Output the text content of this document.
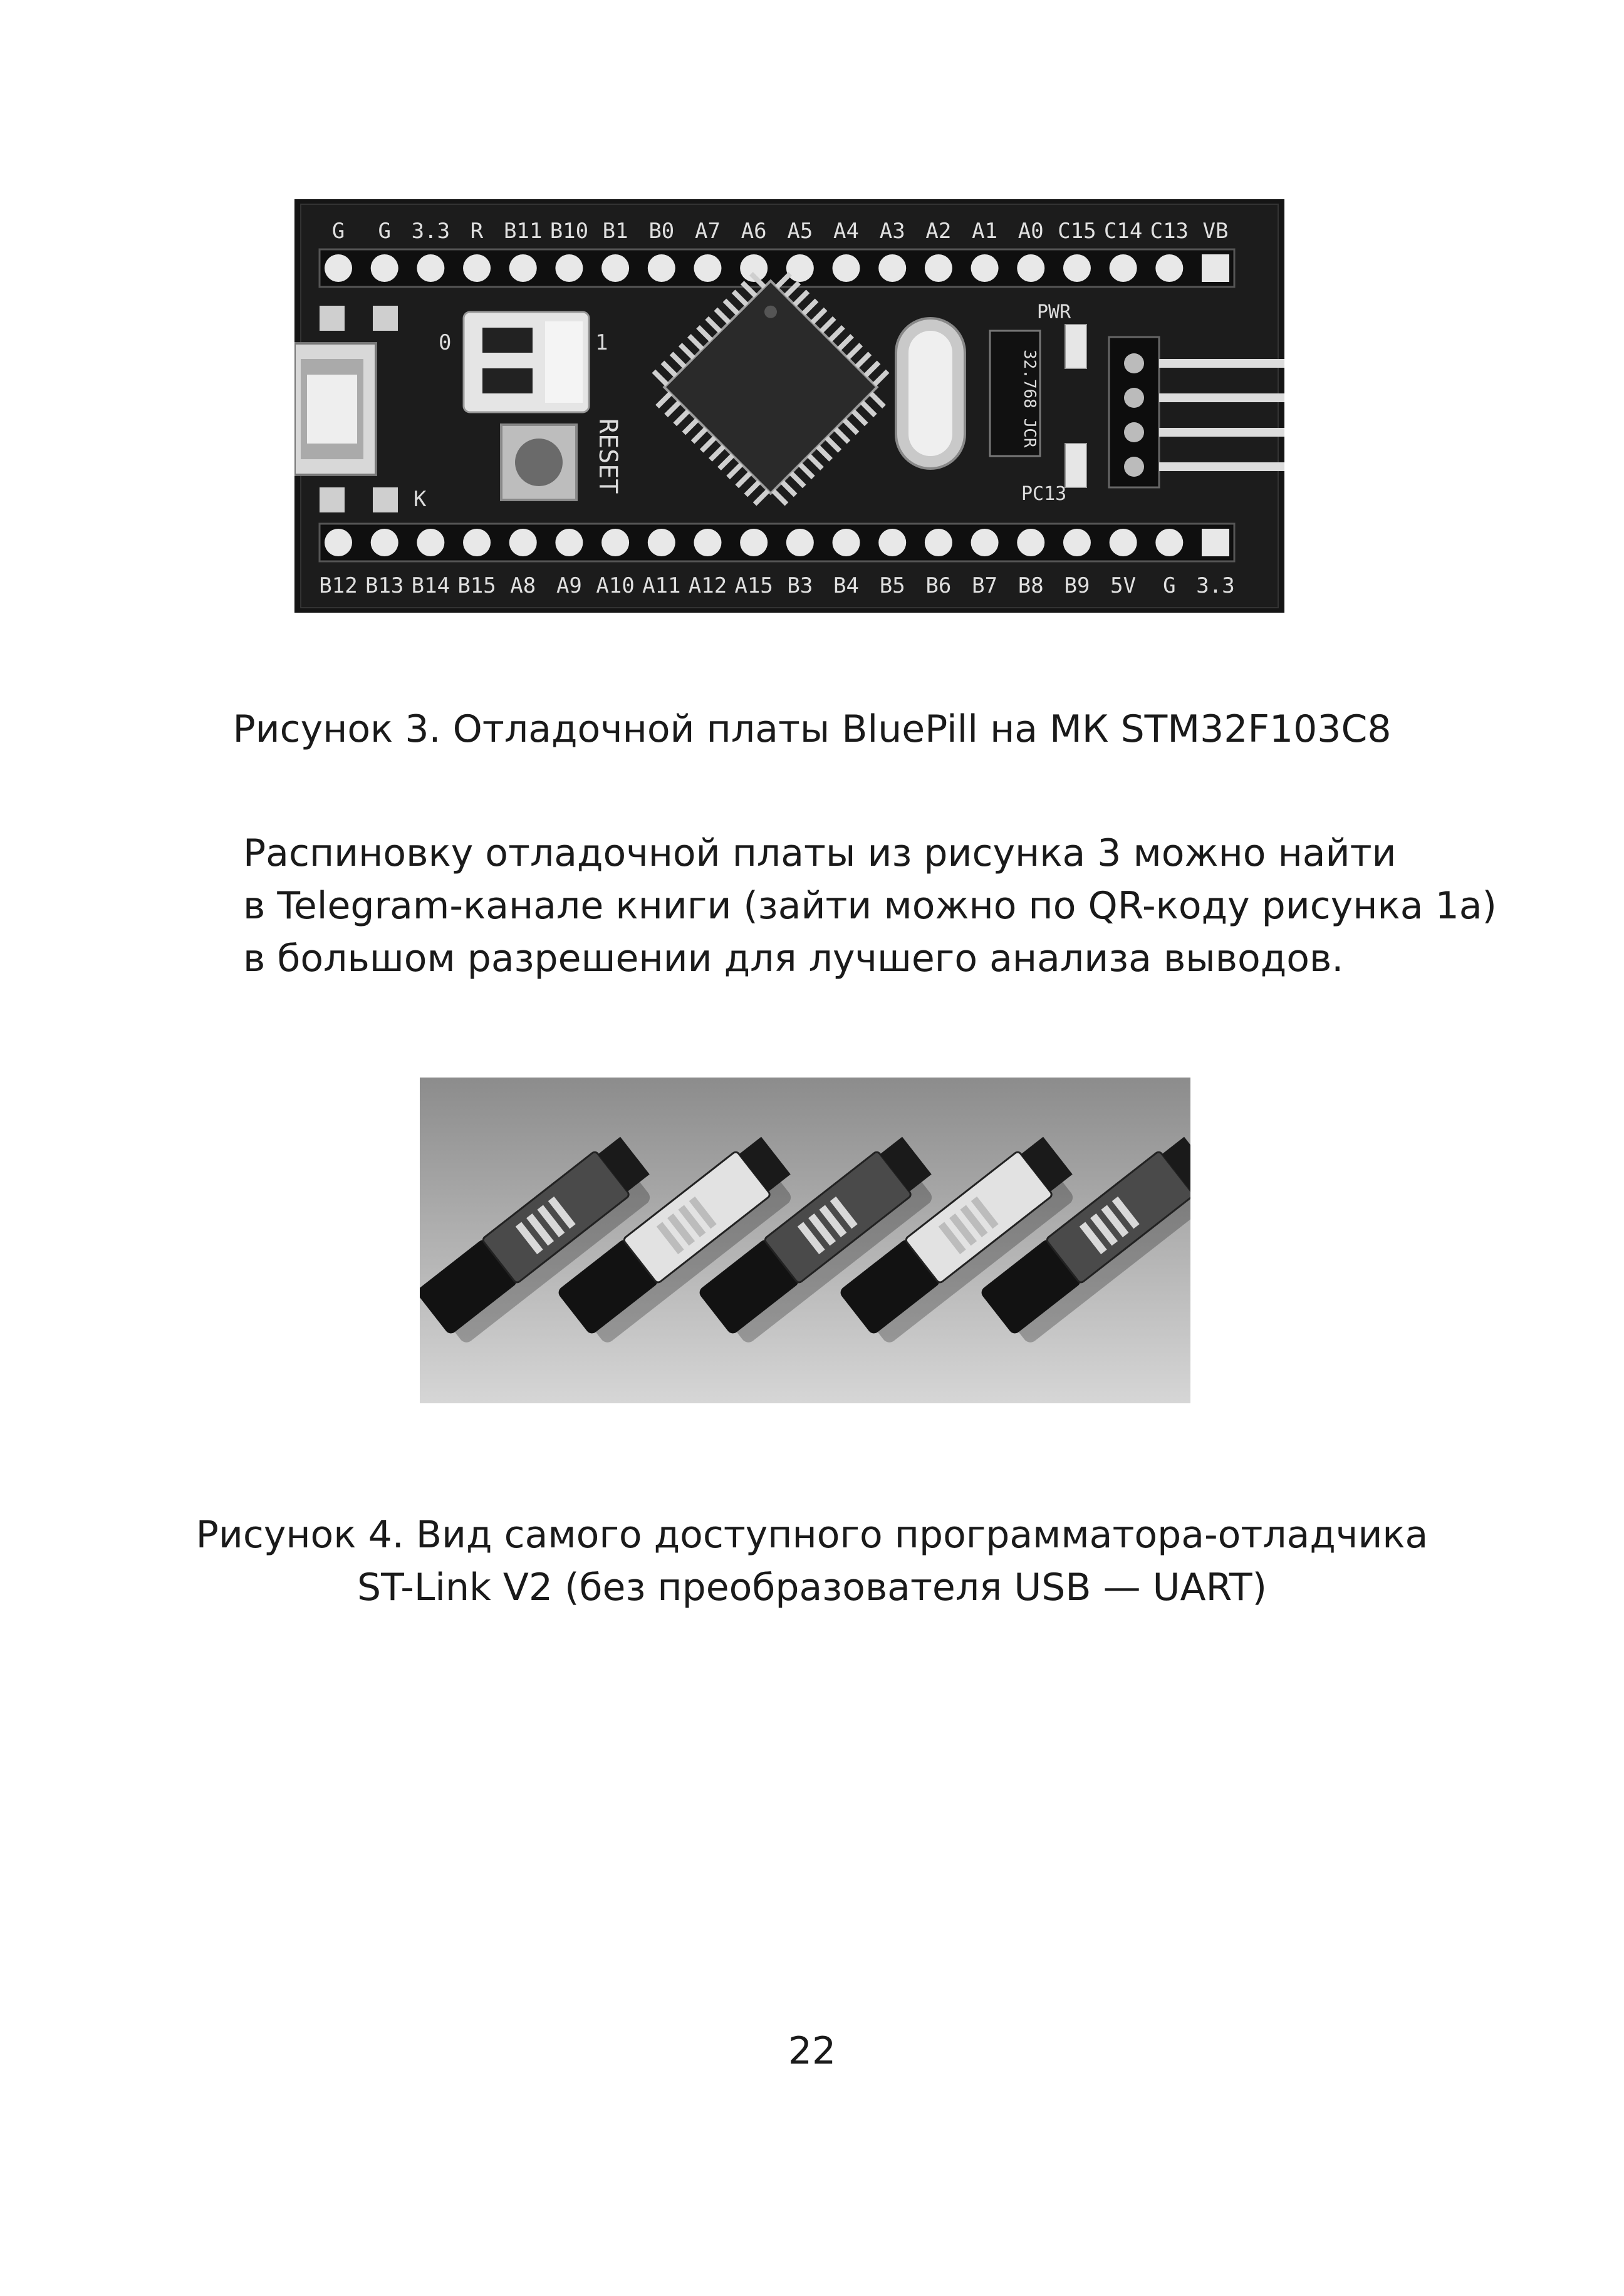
G G 3.3 R B11 B10 B1 B0 A7 A6 A5 A4 A3 A2 A1 A0 C15 C14 C13 VB
B12 B13 B14 B15 A8 A9 A10 A11 A12 A15 B3 B4 B5 B6 B7 B8 B9 5V G 3.3
K
0	1
RESET
32.768 JCR
PWR
PC13
Рисунок 3. Отладочной платы BluePill на МК STM32F103C8
Распиновку отладочной платы из рисунка 3 можно найти
в Telegram-канале книги (зайти можно по QR-коду рисунка 1а)
в большом разрешении для лучшего анализа выводов.
Рисунок 4. Вид самого доступного программатора-отладчика
ST-Link V2 (без преобразователя USB — UART)
22
